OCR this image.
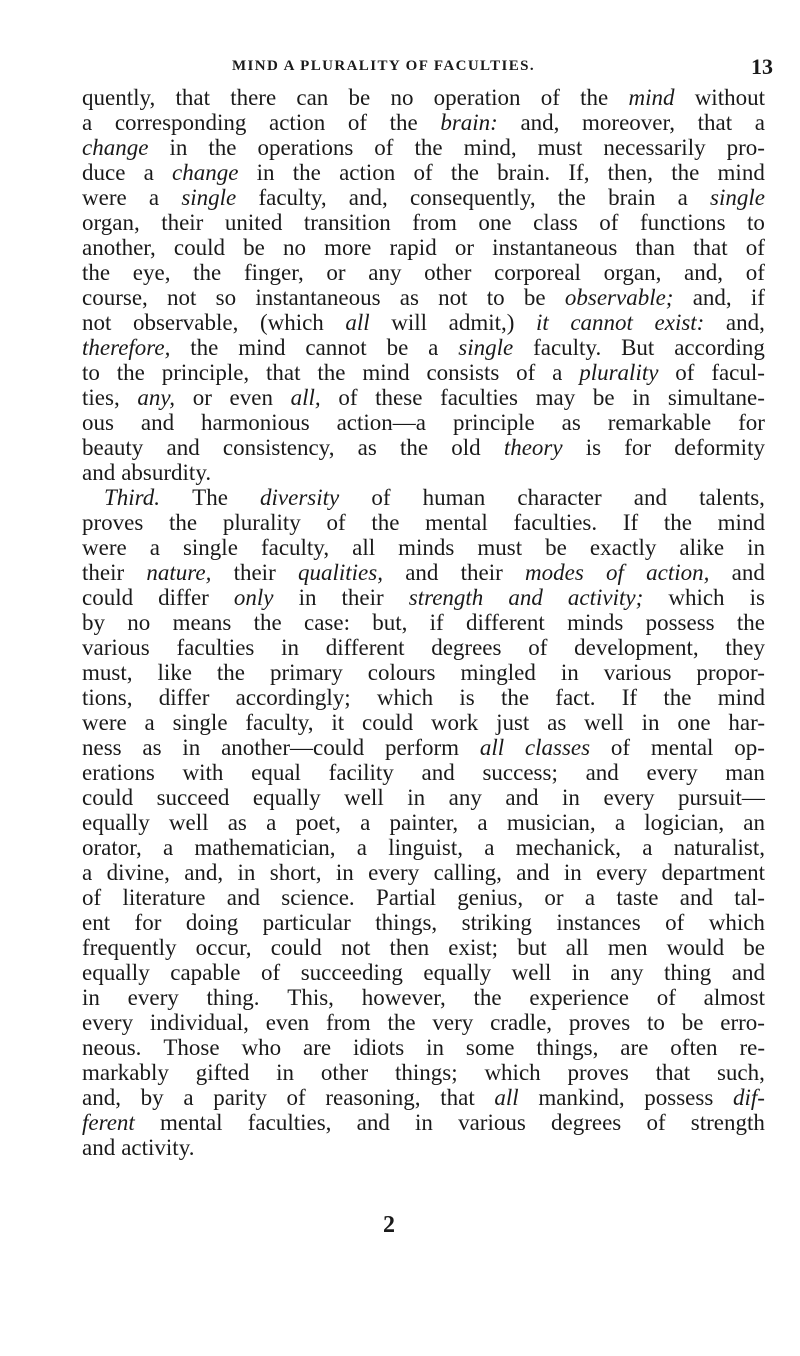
MIND A PLURALITY OF FACULTIES.	13
quently, that there can be no operation of the mind without
a corresponding action of the brain: and, moreover, that a
change in the operations of the mind, must necessarily pro-
duce a change in the action of the brain. If, then, the mind
were a single faculty, and, consequently, the brain a single
organ, their united transition from one class of functions to
another, could be no more rapid or instantaneous than that of
the eye, the finger, or any other corporeal organ, and, of
course, not so instantaneous as not to be observable; and, if
not observable, (which all will admit,) it cannot exist: and,
therefore, the mind cannot be a single faculty. But according
to the principle, that the mind consists of a plurality of facul-
ties, any, or even all, of these faculties may be in simultane-
ous and harmonious action—a principle as remarkable for
beauty and consistency, as the old theory is for deformity
and absurdity.
Third. The diversity of human character and talents,
proves the plurality of the mental faculties. If the mind
were a single faculty, all minds must be exactly alike in
their nature, their qualities, and their modes of action, and
could differ only in their strength and activity; which is
by no means the case: but, if different minds possess the
various faculties in different degrees of development, they
must, like the primary colours mingled in various propor-
tions, differ accordingly; which is the fact. If the mind
were a single faculty, it could work just as well in one har-
ness as in another—could perform all classes of mental op-
erations with equal facility and success; and every man
could succeed equally well in any and in every pursuit—
equally well as a poet, a painter, a musician, a logician, an
orator, a mathematician, a linguist, a mechanick, a naturalist,
a divine, and, in short, in every calling, and in every department
of literature and science. Partial genius, or a taste and tal-
ent for doing particular things, striking instances of which
frequently occur, could not then exist; but all men would be
equally capable of succeeding equally well in any thing and
in every thing. This, however, the experience of almost
every individual, even from the very cradle, proves to be erro-
neous. Those who are idiots in some things, are often re-
markably gifted in other things; which proves that such,
and, by a parity of reasoning, that all mankind, possess dif-
ferent mental faculties, and in various degrees of strength
and activity.
2
